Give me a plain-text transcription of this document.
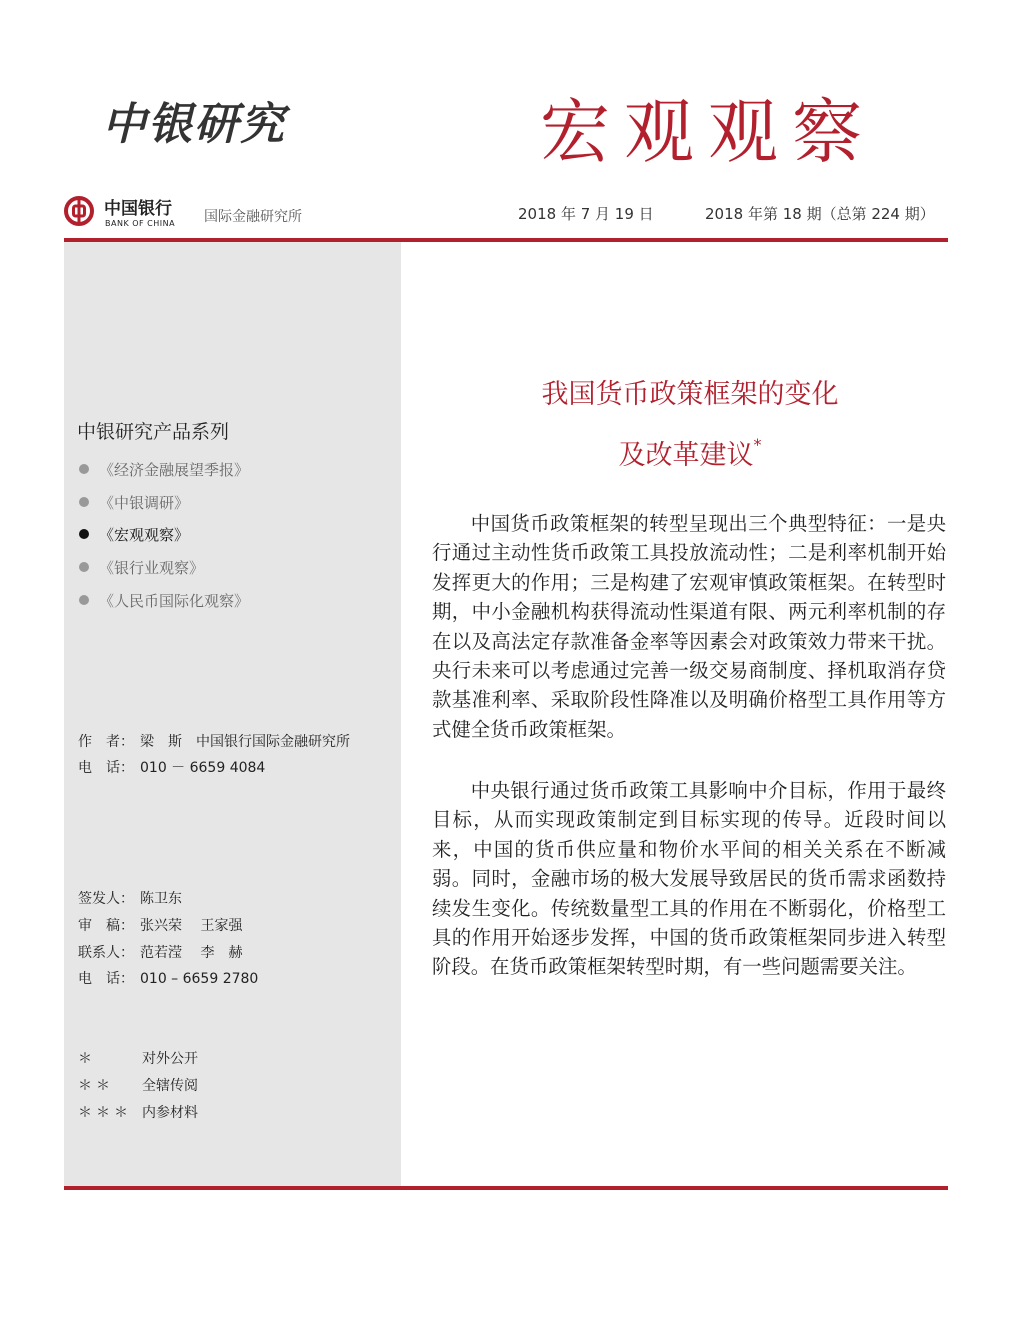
中银研究	宏观观察
中国银行
BANK OF CHINA 国际金融研究所	2018 年 7 月 19 日	2018 年第 18 期（总第 224 期）
中银研究产品系列
《经济金融展望季报》
《中银调研》
《宏观观察》
《银行业观察》
《人民币国际化观察》
作　者： 梁　斯　中国银行国际金融研究所
电　话： 010 － 6659 4084
签发人： 陈卫东
审　稿： 张兴荣　 王家强
联系人： 范若滢　 李　赫
电　话： 010 – 6659 2780
＊	对外公开
＊＊ 全辖传阅
＊＊＊ 内参材料
我国货币政策框架的变化
及改革建议*
中国货币政策框架的转型呈现出三个典型特征：一是央行通过主动性货币政策工具投放流动性；二是利率机制开始发挥更大的作用；三是构建了宏观审慎政策框架。在转型时期，中小金融机构获得流动性渠道有限、两元利率机制的存在以及高法定存款准备金率等因素会对政策效力带来干扰。央行未来可以考虑通过完善一级交易商制度、择机取消存贷款基准利率、采取阶段性降准以及明确价格型工具作用等方式健全货币政策框架。
中央银行通过货币政策工具影响中介目标，作用于最终目标，从而实现政策制定到目标实现的传导。近段时间以来，中国的货币供应量和物价水平间的相关关系在不断减弱。同时，金融市场的极大发展导致居民的货币需求函数持续发生变化。传统数量型工具的作用在不断弱化，价格型工具的作用开始逐步发挥，中国的货币政策框架同步进入转型阶段。在货币政策框架转型时期，有一些问题需要关注。
